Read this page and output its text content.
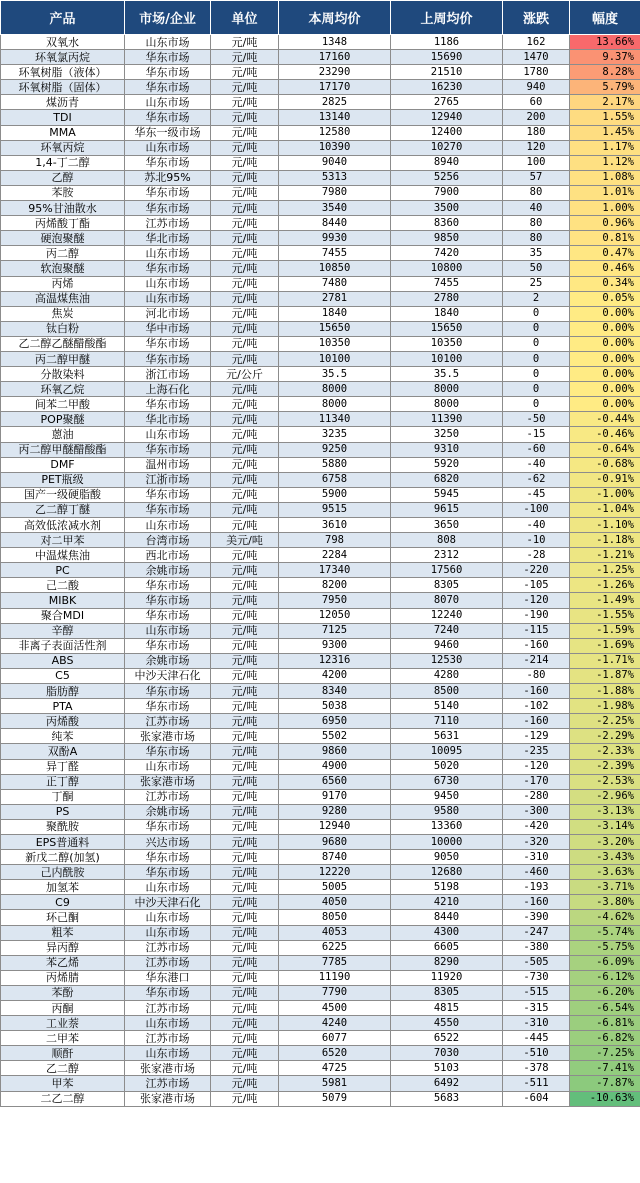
产品	市场/企业	单位	本周均价	上周均价	涨跌	幅度
双氧水	山东市场	元/吨	1348	1186	162	13.66%
环氧氯丙烷	华东市场	元/吨	17160	15690	1470	9.37%
环氧树脂（液体）	华东市场	元/吨	23290	21510	1780	8.28%
环氧树脂（固体）	华东市场	元/吨	17170	16230	940	5.79%
煤沥青	山东市场	元/吨	2825	2765	60	2.17%
TDI	华东市场	元/吨	13140	12940	200	1.55%
MMA	华东一级市场	元/吨	12580	12400	180	1.45%
环氧丙烷	山东市场	元/吨	10390	10270	120	1.17%
1,4-丁二醇	华东市场	元/吨	9040	8940	100	1.12%
乙醇	苏北95%	元/吨	5313	5256	57	1.08%
苯胺	华东市场	元/吨	7980	7900	80	1.01%
95%甘油散水	华东市场	元/吨	3540	3500	40	1.00%
丙烯酸丁酯	江苏市场	元/吨	8440	8360	80	0.96%
硬泡聚醚	华北市场	元/吨	9930	9850	80	0.81%
丙二醇	山东市场	元/吨	7455	7420	35	0.47%
软泡聚醚	华东市场	元/吨	10850	10800	50	0.46%
丙烯	山东市场	元/吨	7480	7455	25	0.34%
高温煤焦油	山东市场	元/吨	2781	2780	2	0.05%
焦炭	河北市场	元/吨	1840	1840	0	0.00%
钛白粉	华中市场	元/吨	15650	15650	0	0.00%
乙二醇乙醚醋酸酯	华东市场	元/吨	10350	10350	0	0.00%
丙二醇甲醚	华东市场	元/吨	10100	10100	0	0.00%
分散染料	浙江市场	元/公斤	35.5	35.5	0	0.00%
环氧乙烷	上海石化	元/吨	8000	8000	0	0.00%
间苯二甲酸	华东市场	元/吨	8000	8000	0	0.00%
POP聚醚	华北市场	元/吨	11340	11390	-50	-0.44%
蒽油	山东市场	元/吨	3235	3250	-15	-0.46%
丙二醇甲醚醋酸酯	华东市场	元/吨	9250	9310	-60	-0.64%
DMF	温州市场	元/吨	5880	5920	-40	-0.68%
PET瓶级	江浙市场	元/吨	6758	6820	-62	-0.91%
国产一级硬脂酸	华东市场	元/吨	5900	5945	-45	-1.00%
乙二醇丁醚	华东市场	元/吨	9515	9615	-100	-1.04%
高效低浓减水剂	山东市场	元/吨	3610	3650	-40	-1.10%
对二甲苯	台湾市场	美元/吨	798	808	-10	-1.18%
中温煤焦油	西北市场	元/吨	2284	2312	-28	-1.21%
PC	余姚市场	元/吨	17340	17560	-220	-1.25%
己二酸	华东市场	元/吨	8200	8305	-105	-1.26%
MIBK	华东市场	元/吨	7950	8070	-120	-1.49%
聚合MDI	华东市场	元/吨	12050	12240	-190	-1.55%
辛醇	山东市场	元/吨	7125	7240	-115	-1.59%
非离子表面活性剂	华东市场	元/吨	9300	9460	-160	-1.69%
ABS	余姚市场	元/吨	12316	12530	-214	-1.71%
C5	中沙天津石化	元/吨	4200	4280	-80	-1.87%
脂肪醇	华东市场	元/吨	8340	8500	-160	-1.88%
PTA	华东市场	元/吨	5038	5140	-102	-1.98%
丙烯酸	江苏市场	元/吨	6950	7110	-160	-2.25%
纯苯	张家港市场	元/吨	5502	5631	-129	-2.29%
双酚A	华东市场	元/吨	9860	10095	-235	-2.33%
异丁醛	山东市场	元/吨	4900	5020	-120	-2.39%
正丁醇	张家港市场	元/吨	6560	6730	-170	-2.53%
丁酮	江苏市场	元/吨	9170	9450	-280	-2.96%
PS	余姚市场	元/吨	9280	9580	-300	-3.13%
聚酰胺	华东市场	元/吨	12940	13360	-420	-3.14%
EPS普通料	兴达市场	元/吨	9680	10000	-320	-3.20%
新戊二醇(加氢)	华东市场	元/吨	8740	9050	-310	-3.43%
己内酰胺	华东市场	元/吨	12220	12680	-460	-3.63%
加氢苯	山东市场	元/吨	5005	5198	-193	-3.71%
C9	中沙天津石化	元/吨	4050	4210	-160	-3.80%
环己酮	山东市场	元/吨	8050	8440	-390	-4.62%
粗苯	山东市场	元/吨	4053	4300	-247	-5.74%
异丙醇	江苏市场	元/吨	6225	6605	-380	-5.75%
苯乙烯	江苏市场	元/吨	7785	8290	-505	-6.09%
丙烯腈	华东港口	元/吨	11190	11920	-730	-6.12%
苯酚	华东市场	元/吨	7790	8305	-515	-6.20%
丙酮	江苏市场	元/吨	4500	4815	-315	-6.54%
工业萘	山东市场	元/吨	4240	4550	-310	-6.81%
二甲苯	江苏市场	元/吨	6077	6522	-445	-6.82%
顺酐	山东市场	元/吨	6520	7030	-510	-7.25%
乙二醇	张家港市场	元/吨	4725	5103	-378	-7.41%
甲苯	江苏市场	元/吨	5981	6492	-511	-7.87%
二乙二醇	张家港市场	元/吨	5079	5683	-604	-10.63%
